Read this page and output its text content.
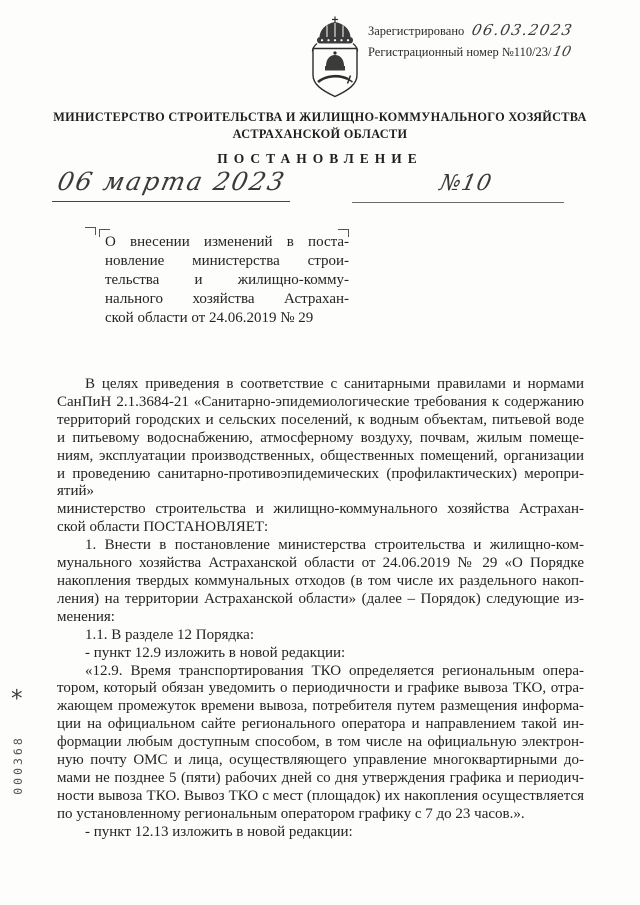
Зарегистрировано 06.03.2023
Регистрационный номер №110/23/10
МИНИСТЕРСТВО СТРОИТЕЛЬСТВА И ЖИЛИЩНО-КОММУНАЛЬНОГО ХОЗЯЙСТВА
АСТРАХАНСКОЙ ОБЛАСТИ
ПОСТАНОВЛЕНИЕ
06 марта 2023	№10
О внесении изменений в поста-
новление министерства строи-
тельства и жилищно-комму-
нального хозяйства Астрахан-
ской области от 24.06.2019 № 29
В целях приведения в соответствие с санитарными правилами и нормами
СанПиН 2.1.3684-21 «Санитарно-эпидемиологические требования к содержанию
территорий городских и сельских поселений, к водным объектам, питьевой воде
и питьевому водоснабжению, атмосферному воздуху, почвам, жилым помеще-
ниям, эксплуатации производственных, общественных помещений, организации
и проведению санитарно-противоэпидемических (профилактических) меропри-
ятий»
министерство строительства и жилищно-коммунального хозяйства Астрахан-
ской области ПОСТАНОВЛЯЕТ:
1. Внести в постановление министерства строительства и жилищно-ком-
мунального хозяйства Астраханской области от 24.06.2019 № 29 «О Порядке
накопления твердых коммунальных отходов (в том числе их раздельного накоп-
ления) на территории Астраханской области» (далее – Порядок) следующие из-
менения:
1.1. В разделе 12 Порядка:
- пункт 12.9 изложить в новой редакции:
«12.9. Время транспортирования ТКО определяется региональным опера-
тором, который обязан уведомить о периодичности и графике вывоза ТКО, отра-
жающем промежуток времени вывоза, потребителя путем размещения информа-
ции на официальном сайте регионального оператора и направлением такой ин-
формации любым доступным способом, в том числе на официальную электрон-
ную почту ОМС и лица, осуществляющего управление многоквартирными до-
мами не позднее 5 (пяти) рабочих дней со дня утверждения графика и периодич-
ности вывоза ТКО. Вывоз ТКО с мест (площадок) их накопления осуществляется
по установленному региональным оператором графику с 7 до 23 часов.».
- пункт 12.13 изложить в новой редакции:
*
000368
